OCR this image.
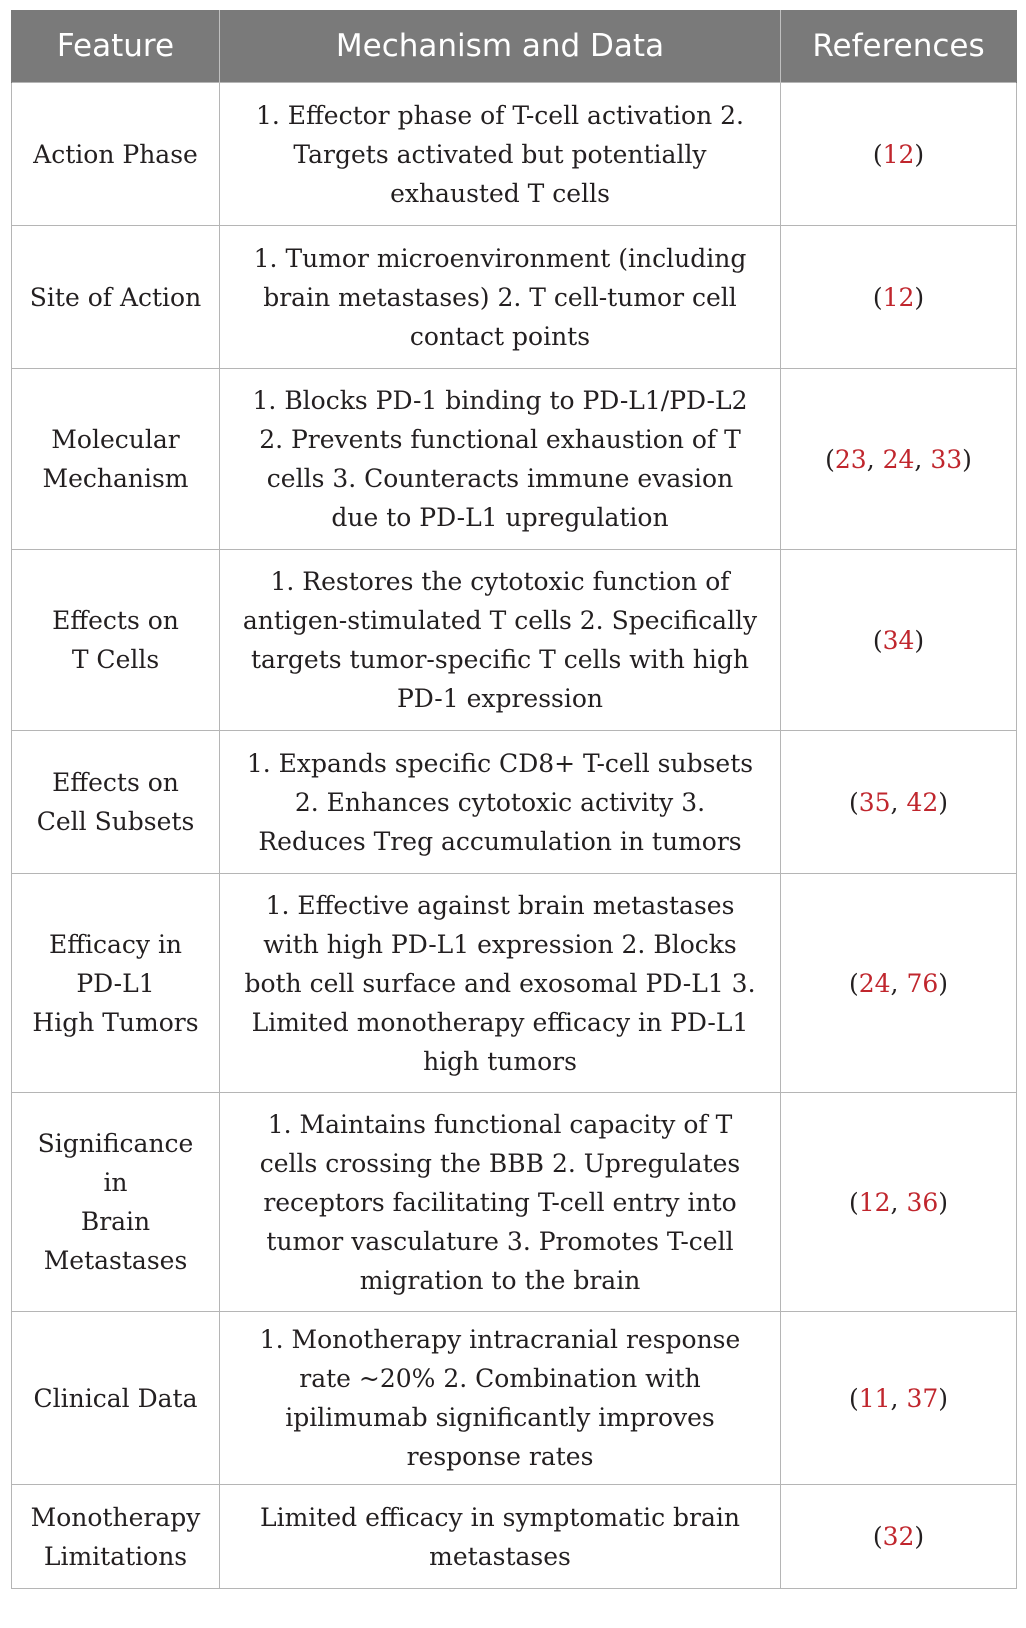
Feature	Mechanism and Data	References

Action Phase	1. Effector phase of T-cell activation 2. Targets activated but potentially exhausted T cells	(12)

Site of Action	1. Tumor microenvironment (including brain metastases) 2. T cell-tumor cell contact points	(12)

Molecular
Mechanism	1. Blocks PD-1 binding to PD-L1/PD-L2 2. Prevents functional exhaustion of T cells 3. Counteracts immune evasion due to PD-L1 upregulation	(23, 24, 33)

Effects on
T Cells	1. Restores the cytotoxic function of antigen-stimulated T cells 2. Specifically targets tumor-specific T cells with high PD-1 expression	(34)

Effects on
Cell Subsets	1. Expands specific CD8+ T-cell subsets 2. Enhances cytotoxic activity 3. Reduces Treg accumulation in tumors	(35, 42)

Efficacy in
PD-L1
High Tumors	1. Effective against brain metastases with high PD-L1 expression 2. Blocks both cell surface and exosomal PD-L1 3. Limited monotherapy efficacy in PD-L1 high tumors	(24, 76)

Significance
in
Brain
Metastases	1. Maintains functional capacity of T cells crossing the BBB 2. Upregulates receptors facilitating T-cell entry into tumor vasculature 3. Promotes T-cell migration to the brain	(12, 36)

Clinical Data	1. Monotherapy intracranial response rate ~20% 2. Combination with ipilimumab significantly improves response rates	(11, 37)

Monotherapy
Limitations	Limited efficacy in symptomatic brain metastases	(32)
